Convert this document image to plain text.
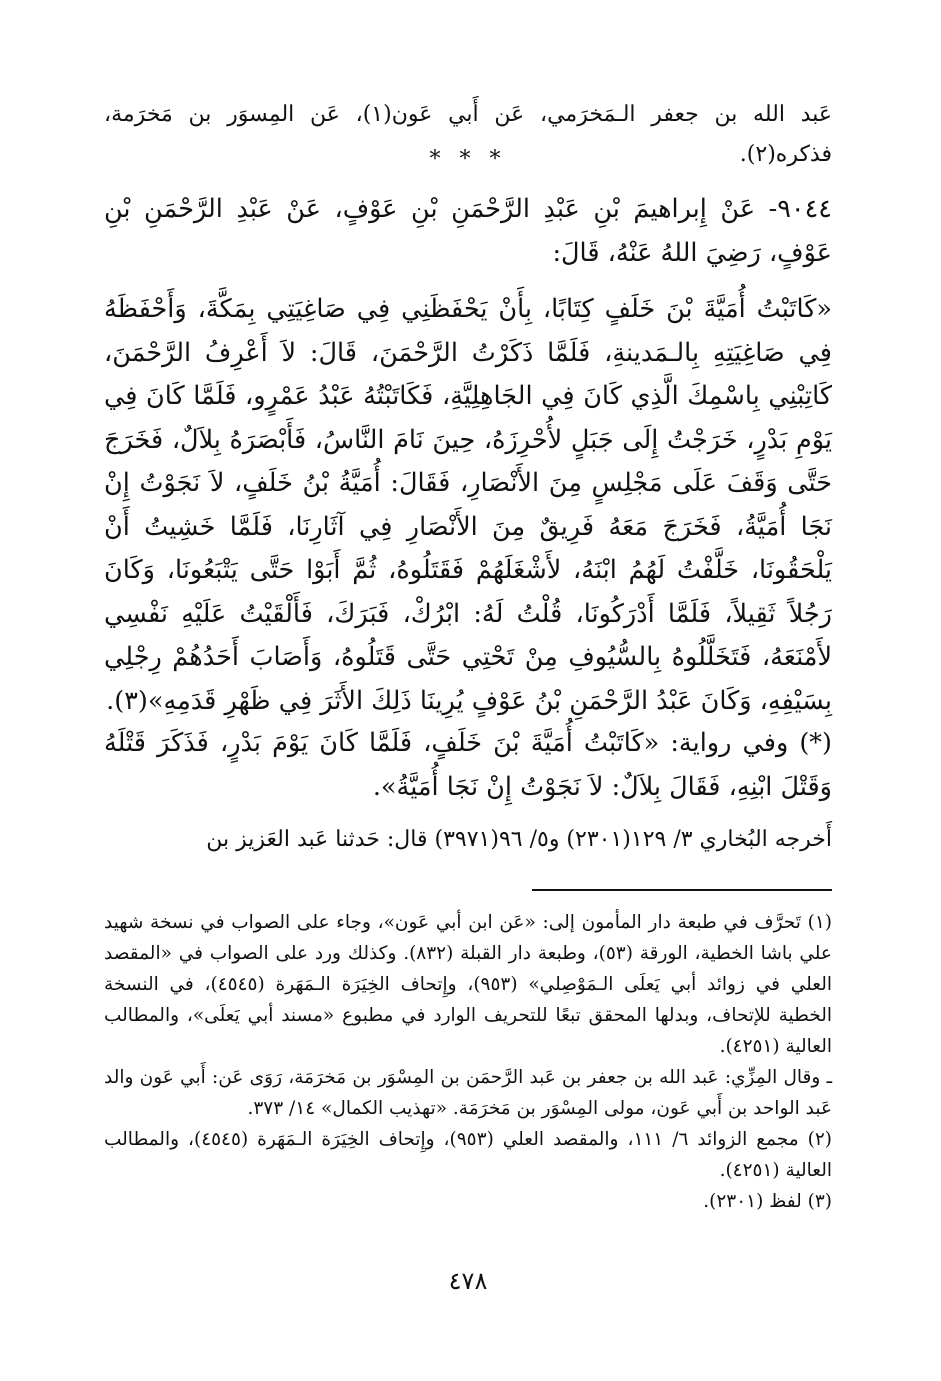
عَبد الله بن جعفر الـمَخرَمي، عَن أَبي عَون(١)، عَن المِسوَر بن مَخرَمة، فذكره(٢).

* * *

٩٠٤٤- عَنْ إِبراهيمَ بْنِ عَبْدِ الرَّحْمَنِ بْنِ عَوْفٍ، عَنْ عَبْدِ الرَّحْمَنِ بْنِ عَوْفٍ، رَضِيَ اللهُ عَنْهُ، قَالَ:

«كَاتَبْتُ أُمَيَّةَ بْنَ خَلَفٍ كِتَابًا، بِأَنْ يَحْفَظَنِي فِي صَاغِيَتِي بِمَكَّةَ، وَأَحْفَظَهُ فِي صَاغِيَتِهِ بِالـمَدينةِ، فَلَمَّا ذَكَرْتُ الرَّحْمَنَ، قَالَ: لاَ أَعْرِفُ الرَّحْمَنَ، كَاتِبْنِي بِاسْمِكَ الَّذِي كَانَ فِي الجَاهِلِيَّةِ، فَكَاتَبْتُهُ عَبْدُ عَمْرٍو، فَلَمَّا كَانَ فِي يَوْمِ بَدْرٍ، خَرَجْتُ إِلَى جَبَلٍ لأُحْرِزَهُ، حِينَ نَامَ النَّاسُ، فَأَبْصَرَهُ بِلاَلٌ، فَخَرَجَ حَتَّى وَقَفَ عَلَى مَجْلِسٍ مِنَ الأَنْصَارِ، فَقَالَ: أُمَيَّةُ بْنُ خَلَفٍ، لاَ نَجَوْتُ إِنْ نَجَا أُمَيَّةُ، فَخَرَجَ مَعَهُ فَرِيقٌ مِنَ الأَنْصَارِ فِي آثَارِنَا، فَلَمَّا خَشِيتُ أَنْ يَلْحَقُونَا، خَلَّفْتُ لَهُمُ ابْنَهُ، لأَشْغَلَهُمْ فَقَتَلُوهُ، ثُمَّ أَبَوْا حَتَّى يَتْبَعُونَا، وَكَانَ رَجُلاً ثَقِيلاً، فَلَمَّا أَدْرَكُونَا، قُلْتُ لَهُ: ابْرُكْ، فَبَرَكَ، فَأَلْقَيْتُ عَلَيْهِ نَفْسِي لأَمْنَعَهُ، فَتَخَلَّلُوهُ بِالسُّيُوفِ مِنْ تَحْتِي حَتَّى قَتَلُوهُ، وَأَصَابَ أَحَدُهُمْ رِجْلِي بِسَيْفِهِ، وَكَانَ عَبْدُ الرَّحْمَنِ بْنُ عَوْفٍ يُرِينَا ذَلِكَ الأَثَرَ فِي ظَهْرِ قَدَمِهِ»(٣).

(*) وفي رواية: «كَاتَبْتُ أُمَيَّةَ بْنَ خَلَفٍ، فَلَمَّا كَانَ يَوْمَ بَدْرٍ، فَذَكَرَ قَتْلَهُ وَقَتْلَ ابْنِهِ، فَقَالَ بِلاَلٌ: لاَ نَجَوْتُ إِنْ نَجَا أُمَيَّةُ».

أَخرجه البُخاري ٣/ ١٢٩(٢٣٠١) و٥/ ٩٦(٣٩٧١) قال: حَدثنا عَبد العَزيز بن

(١) تَحرَّف في طبعة دار المأمون إلى: «عَن ابن أبي عَون»، وجاء على الصواب في نسخة شهيد علي باشا الخطية، الورقة (٥٣)، وطبعة دار القبلة (٨٣٢). وكذلك ورد على الصواب في «المقصد العلي في زوائد أبي يَعلَى الـمَوْصِلي» (٩٥٣)، وإِتحاف الخِيَرَة الـمَهَرة (٤٥٤٥)، في النسخة الخطية للإتحاف، وبدلها المحقق تبعًا للتحريف الوارد في مطبوع «مسند أبي يَعلَى»، والمطالب العالية (٤٢٥١).

ـ وقال المِزِّي: عَبد الله بن جعفر بن عَبد الرَّحمَن بن المِسْوَر بن مَخرَمَة، رَوَى عَن: أَبي عَون والد عَبد الواحد بن أَبي عَون، مولى المِسْوَر بن مَخرَمَة. «تهذيب الكمال» ١٤/ ٣٧٣.

(٢) مجمع الزوائد ٦/ ١١١، والمقصد العلي (٩٥٣)، وإِتحاف الخِيَرَة الـمَهَرة (٤٥٤٥)، والمطالب العالية (٤٢٥١).

(٣) لفظ (٢٣٠١).

٤٧٨
